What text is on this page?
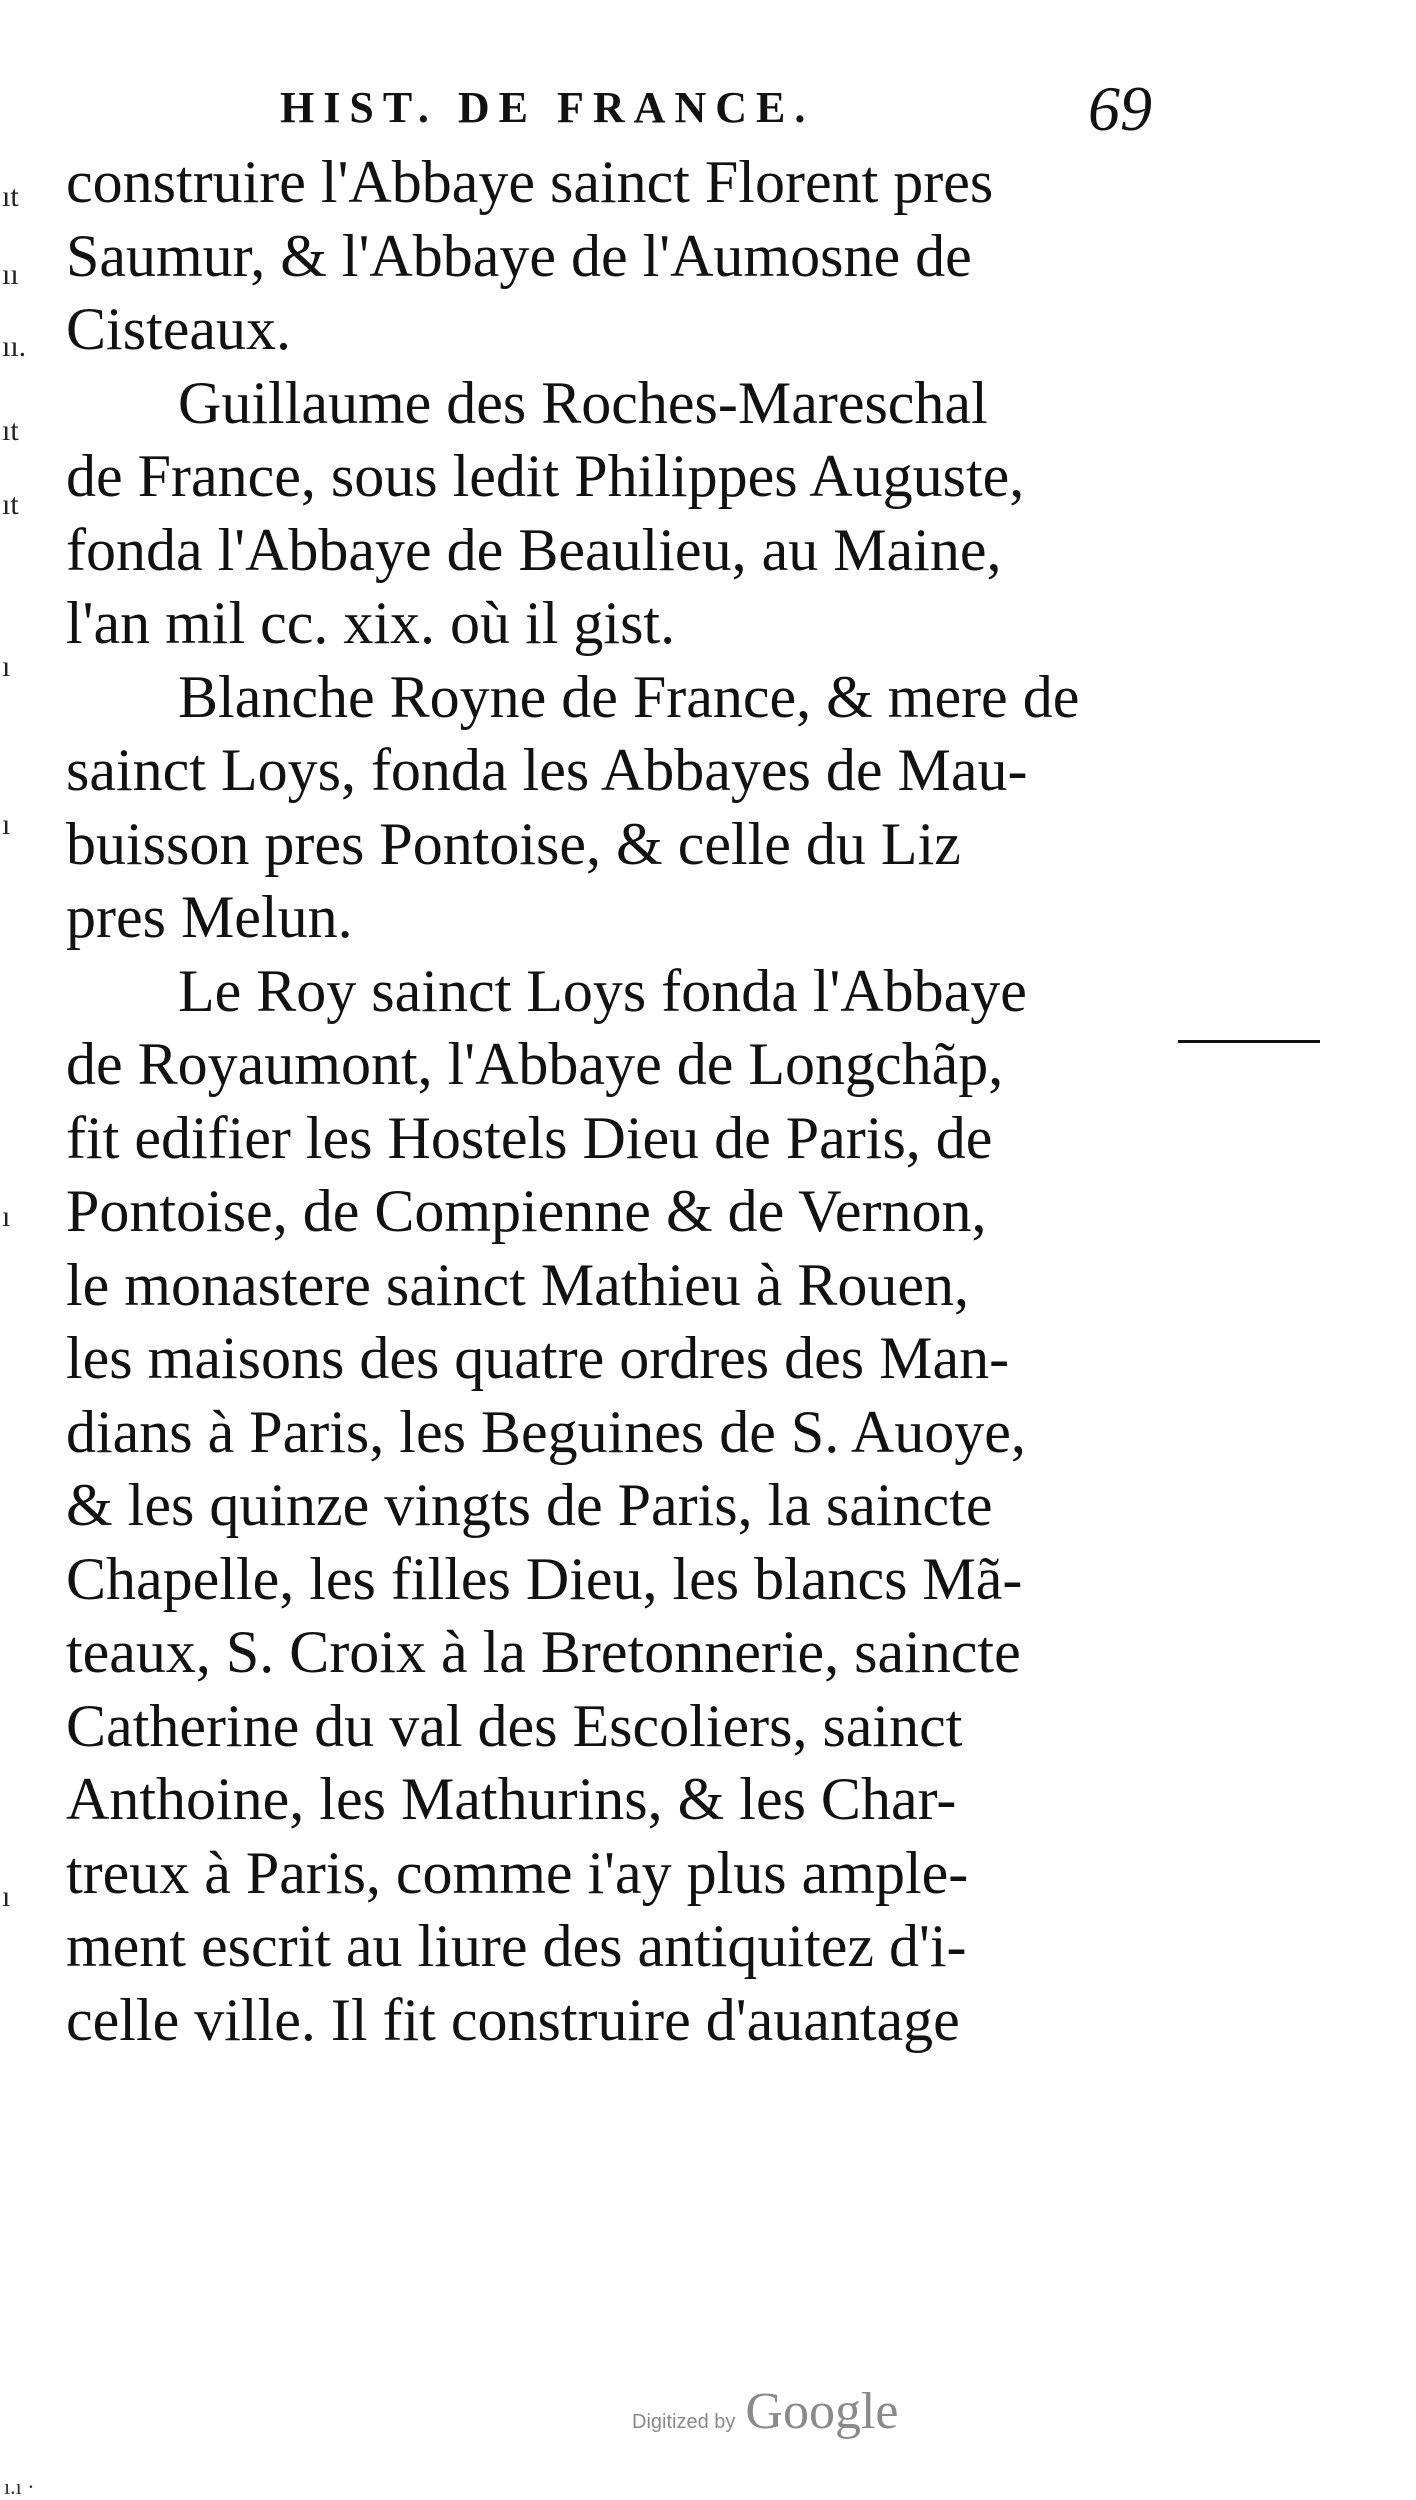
HIST. DE FRANCE.	69
ıt
ıı
ıı.
ıt
ıt
ı
ı
ı
ı
construire l'Abbaye sainct Florent pres
Saumur, & l'Abbaye de l'Aumosne de
Cisteaux.
Guillaume des Roches-Mareschal
de France, sous ledit Philippes Auguste,
fonda l'Abbaye de Beaulieu, au Maine,
l'an mil cc. xix. où il gist.
Blanche Royne de France, & mere de
sainct Loys, fonda les Abbayes de Mau-
buisson pres Pontoise, & celle du Liz
pres Melun.
Le Roy sainct Loys fonda l'Abbaye
de Royaumont, l'Abbaye de Longchãp,
fit edifier les Hostels Dieu de Paris, de
Pontoise, de Compienne & de Vernon,
le monastere sainct Mathieu à Rouen,
les maisons des quatre ordres des Man-
dians à Paris, les Beguines de S. Auoye,
& les quinze vingts de Paris, la saincte
Chapelle, les filles Dieu, les blancs Mã-
teaux, S. Croix à la Bretonnerie, saincte
Catherine du val des Escoliers, sainct
Anthoine, les Mathurins, & les Char-
treux à Paris, comme i'ay plus ample-
ment escrit au liure des antiquitez d'i-
celle ville. Il fit construire d'auantage
Digitized by Google
ı.ı ·
